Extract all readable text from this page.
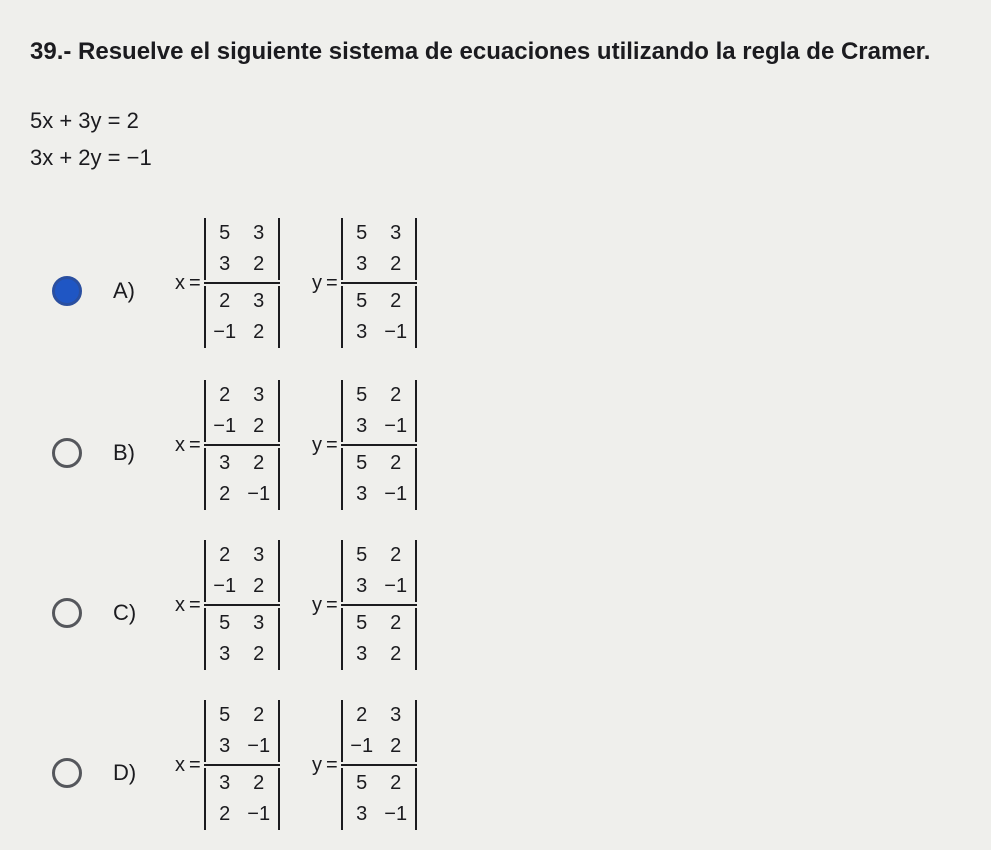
39.- Resuelve el siguiente sistema de ecuaciones utilizando la regla de Cramer.
5x + 3y = 2
3x + 2y = −1
A) x =
5	3
3	2
2	3
−1 2
y =
5	3
3	2
5	2
3 −1
B) x =
2	3
−1 2
3	2
2 −1
y =
5	2
3 −1
5	2
3 −1
C) x =
2	3
−1 2
5	3
3	2
y =
5	2
3 −1
5	2
3	2
D) x =
5	2
3 −1
3	2
2 −1
y =
2	3
−1 2
5	2
3 −1
